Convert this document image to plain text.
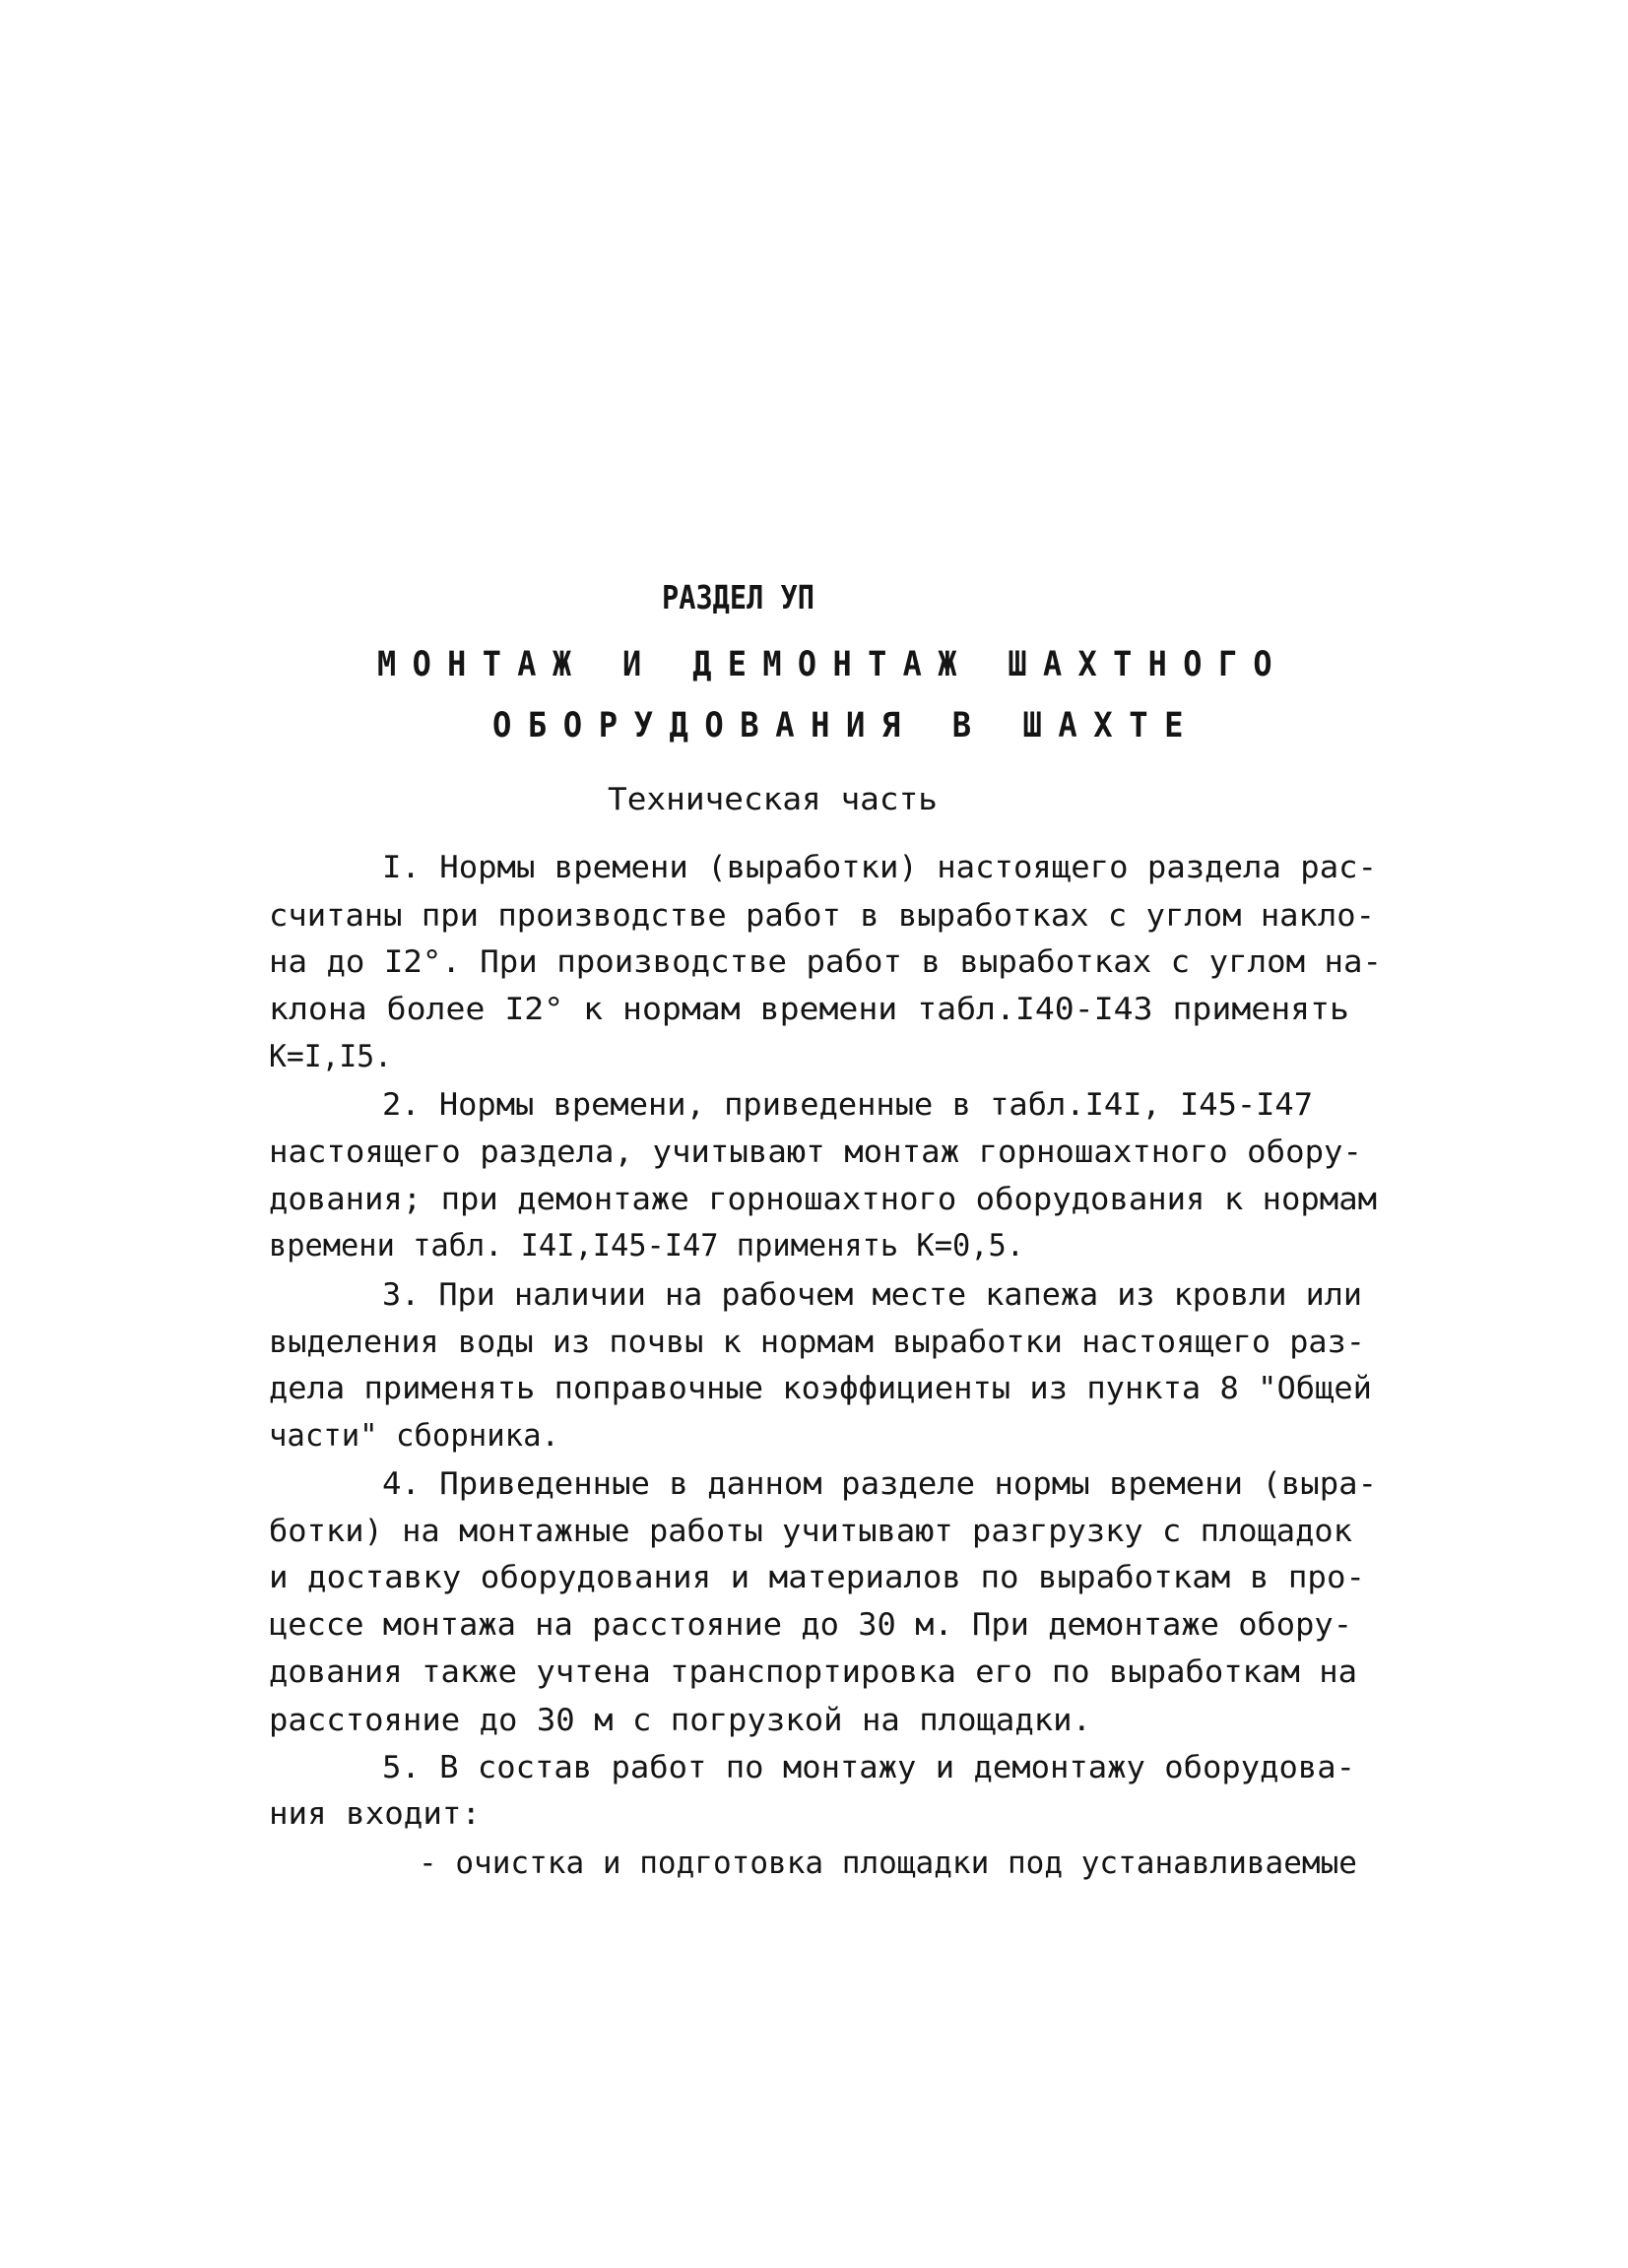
РАЗДЕЛ УП
МОНТАЖ И ДЕМОНТАЖ ШАХТНОГО
ОБОРУДОВАНИЯ В ШАХТЕ
Техническая часть
I. Нормы времени (выработки) настоящего раздела рас-
считаны при производстве работ в выработках с углом накло-
на до I2°. При производстве работ в выработках с углом на-
клона более I2° к нормам времени табл.I40-I43 применять
К=I,I5.
2. Нормы времени, приведенные в табл.I4I, I45-I47
настоящего раздела, учитывают монтаж горношахтного обору-
дования; при демонтаже горношахтного оборудования к нормам
времени табл. I4I,I45-I47 применять К=0,5.
3. При наличии на рабочем месте капежа из кровли или
выделения воды из почвы к нормам выработки настоящего раз-
дела применять поправочные коэффициенты из пункта 8 "Общей
части" сборника.
4. Приведенные в данном разделе нормы времени (выра-
ботки) на монтажные работы учитывают разгрузку с площадок
и доставку оборудования и материалов по выработкам в про-
цессе монтажа на расстояние до 30 м. При демонтаже обору-
дования также учтена транспортировка его по выработкам на
расстояние до 30 м с погрузкой на площадки.
5. В состав работ по монтажу и демонтажу оборудова-
ния входит:
- очистка и подготовка площадки под устанавливаемые
